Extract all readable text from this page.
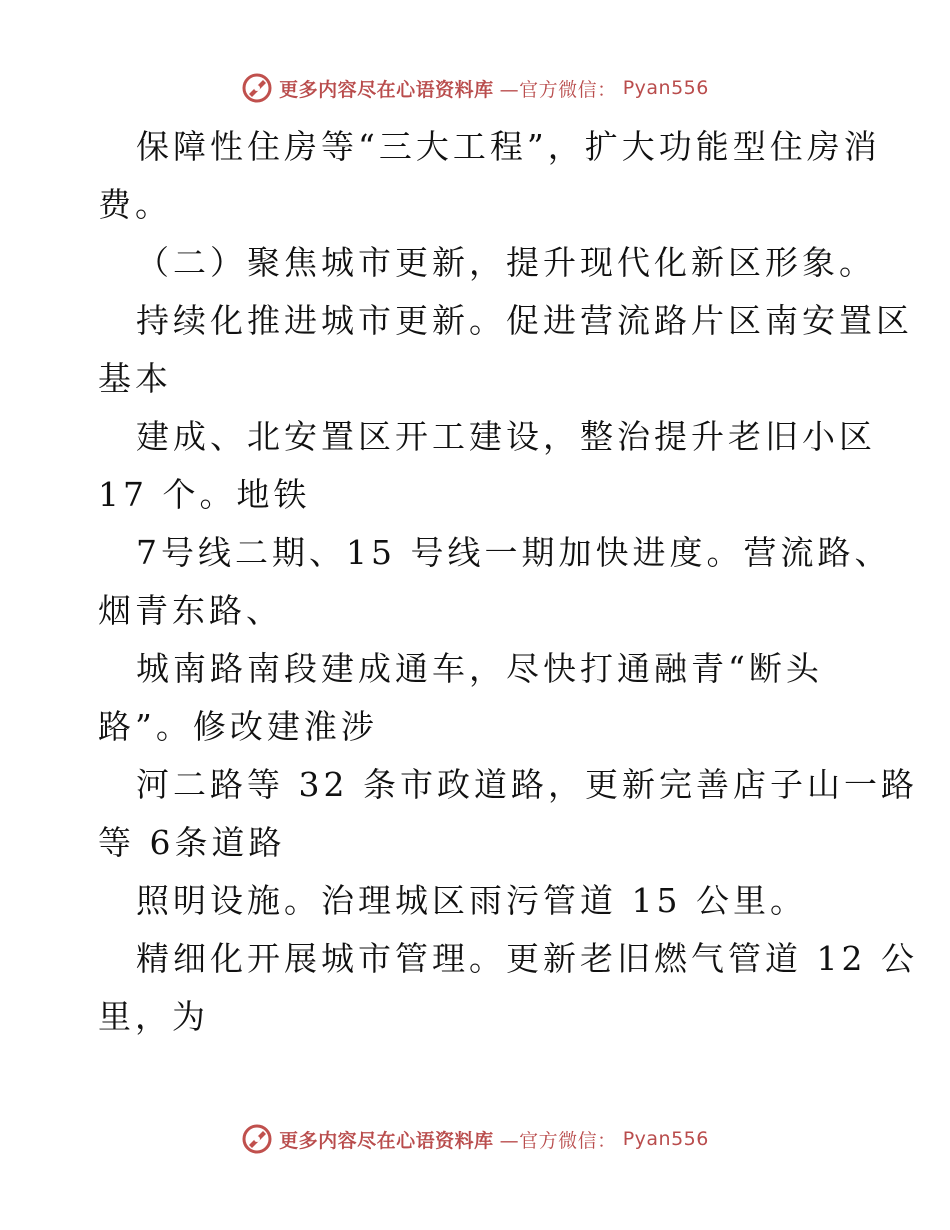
更多内容尽在心语资料库 —官方微信： Pyan556
保障性住房等“三大工程”，扩大功能型住房消
费。
（二）聚焦城市更新，提升现代化新区形象。
持续化推进城市更新。促进营流路片区南安置区
基本
建成、北安置区开工建设，整治提升老旧小区
17 个。地铁
7号线二期、15 号线一期加快进度。营流路、
烟青东路、
城南路南段建成通车，尽快打通融青“断头
路”。修改建淮涉
河二路等 32 条市政道路，更新完善店子山一路
等 6条道路
照明设施。治理城区雨污管道 15 公里。
精细化开展城市管理。更新老旧燃气管道 12 公
里，为
更多内容尽在心语资料库 —官方微信： Pyan556
